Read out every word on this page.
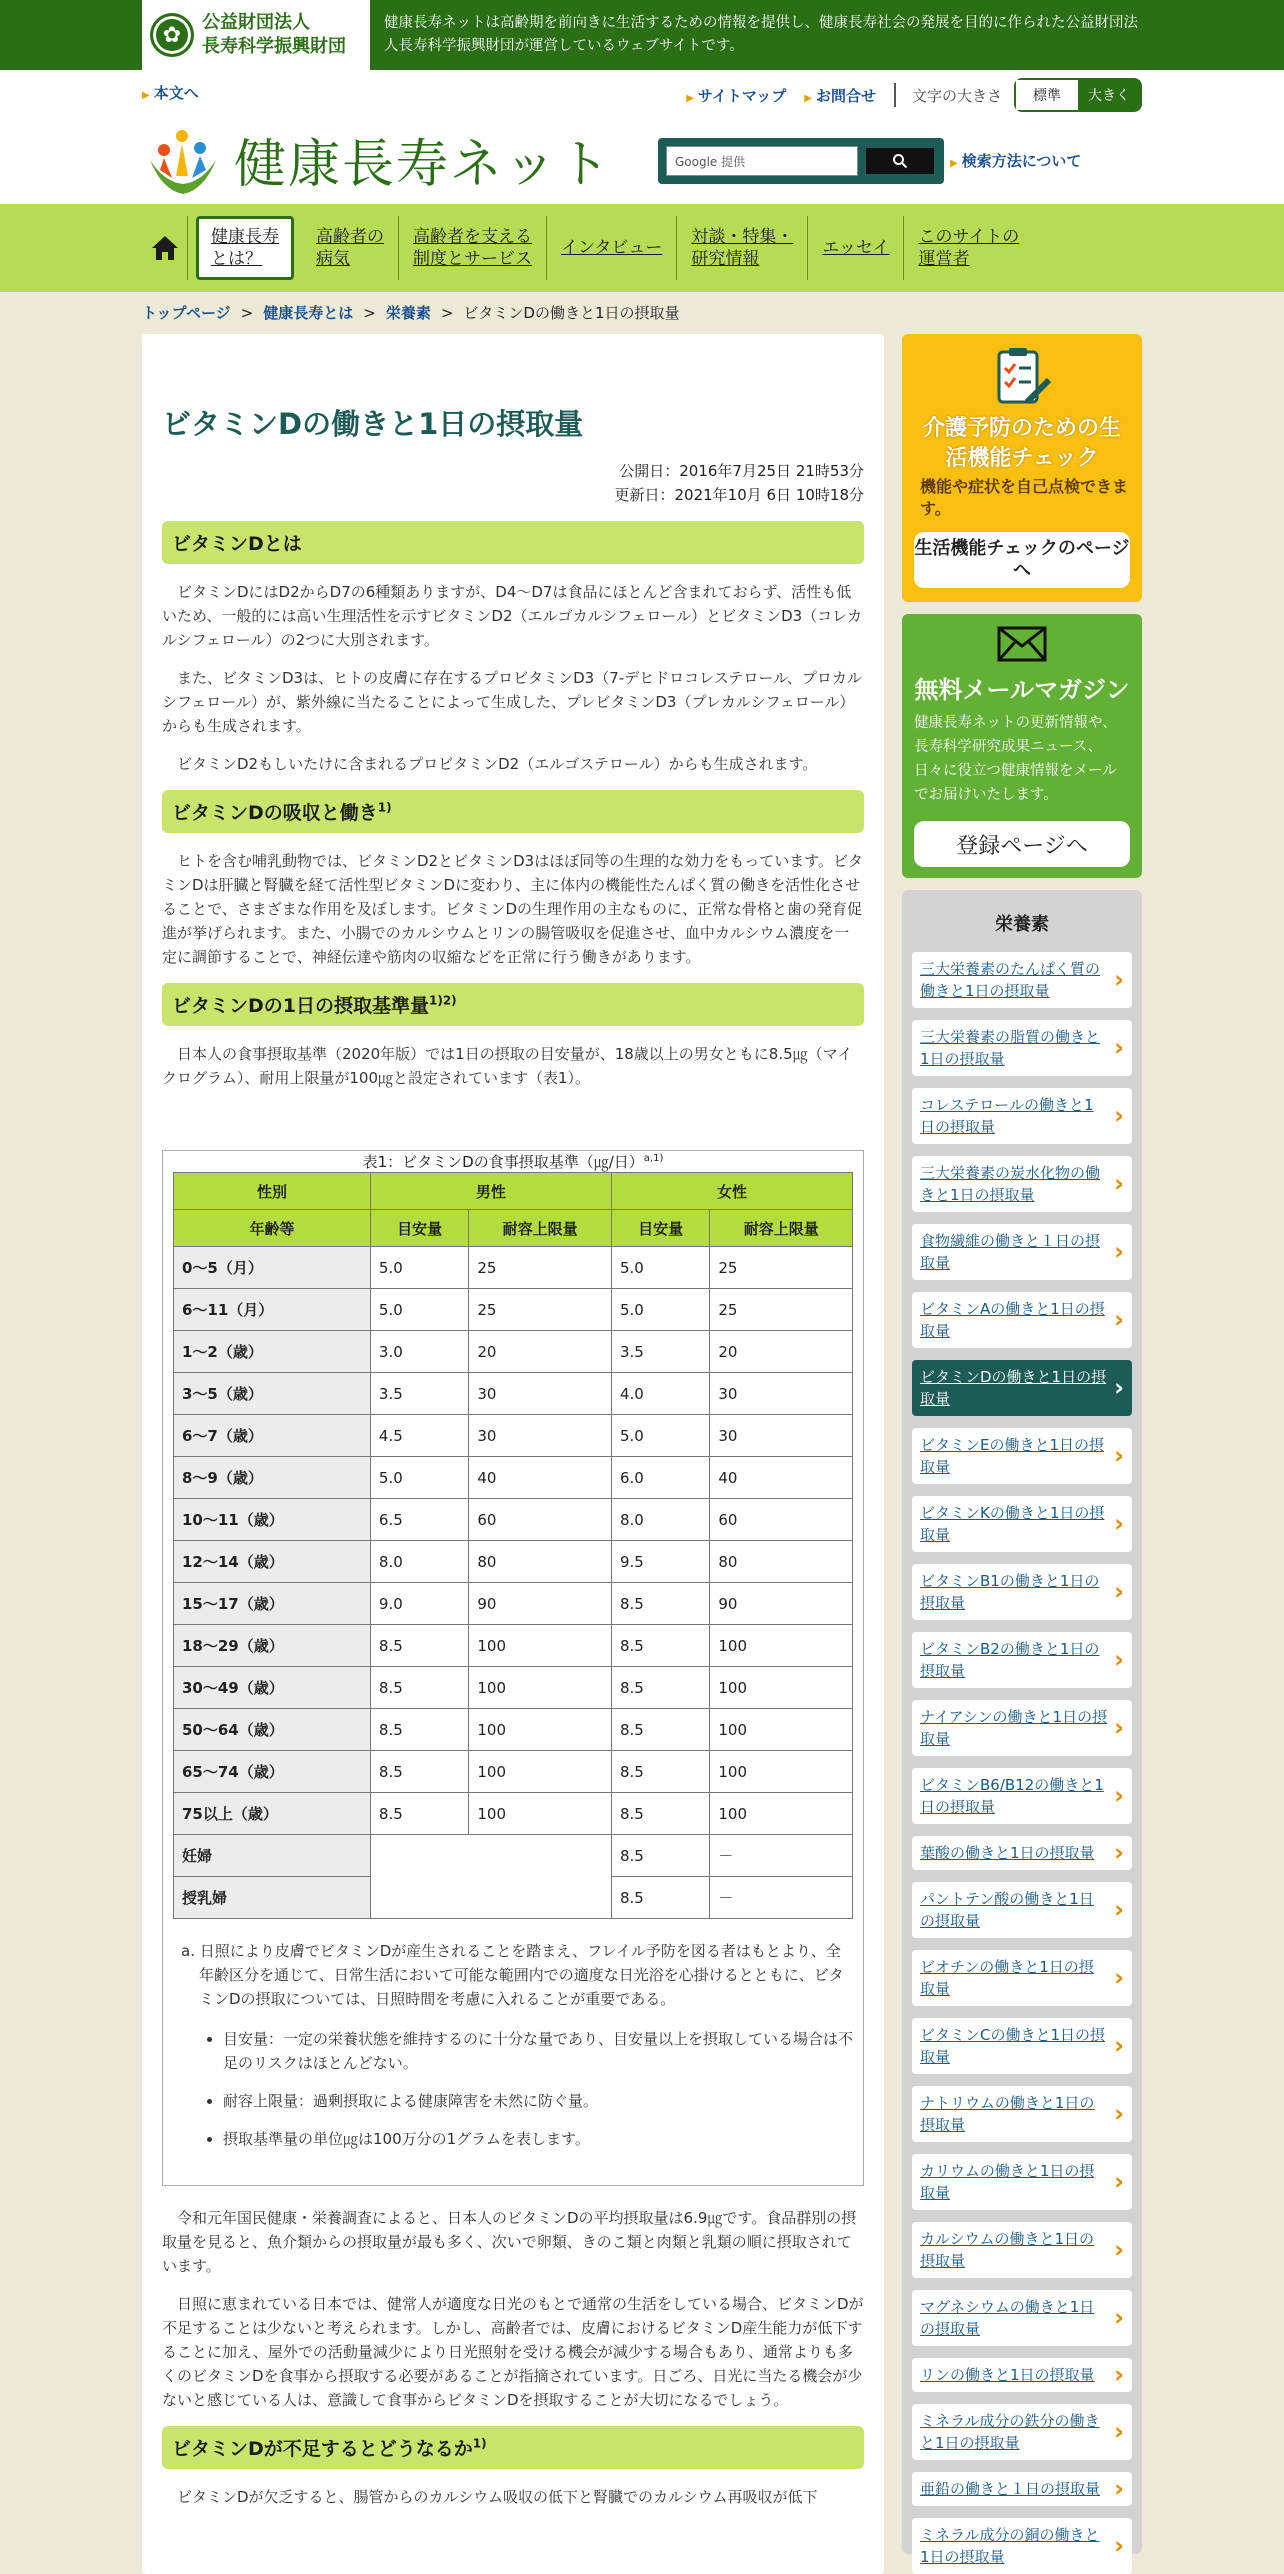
✿	公益財団法人
長寿科学振興財団
健康長寿ネットは高齢期を前向きに生活するための情報を提供し、健康長寿社会の発展を目的に作られた公益財団法人長寿科学振興財団が運営しているウェブサイトです。
▶ 本文へ	▶ サイトマップ	▶ お問合せ 文字の大きさ	標準	大きく
健康長寿ネット	Google 提供	▶ 検索方法について
健康長寿
とは？
高齢者の
病気
高齢者を支える
制度とサービス
インタビュー
対談・特集・
研究情報
エッセイ
このサイトの
運営者
トップページ > 健康長寿とは > 栄養素 > ビタミンDの働きと1日の摂取量
ビタミンDの働きと1日の摂取量
公開日：2016年7月25日 21時53分
更新日：2021年10月 6日 10時18分
ビタミンDとは

ビタミンDにはD2からD7の6種類ありますが、D4～D7は食品にほとんど含まれておらず、活性も低いため、一般的には高い生理活性を示すビタミンD2（エルゴカルシフェロール）とビタミンD3（コレカルシフェロール）の2つに大別されます。

また、ビタミンD3は、ヒトの皮膚に存在するプロビタミンD3（7-デヒドロコレステロール、プロカルシフェロール）が、紫外線に当たることによって生成した、プレビタミンD3（プレカルシフェロール）からも生成されます。

ビタミンD2もしいたけに含まれるプロビタミンD2（エルゴステロール）からも生成されます。

ビタミンDの吸収と働き$^{1)}$

ヒトを含む哺乳動物では、ビタミンD2とビタミンD3はほぼ同等の生理的な効力をもっています。ビタミンDは肝臓と腎臓を経て活性型ビタミンDに変わり、主に体内の機能性たんぱく質の働きを活性化させることで、さまざまな作用を及ぼします。ビタミンDの生理作用の主なものに、正常な骨格と歯の発育促進が挙げられます。また、小腸でのカルシウムとリンの腸管吸収を促進させ、血中カルシウム濃度を一定に調節することで、神経伝達や筋肉の収縮などを正常に行う働きがあります。

ビタミンDの1日の摂取基準量$^{1)2)}$

日本人の食事摂取基準（2020年版）では1日の摂取の目安量が、18歳以上の男女ともに8.5㎍（マイクログラム）、耐用上限量が100㎍と設定されています（表1）。

表1：ビタミンDの食事摂取基準（㎍/日）$^{a,1)}$
性別	男性		女性	
年齢等	目安量	耐容上限量	目安量	耐容上限量
0～5（月）	5.0	25	5.0	25
6～11（月）	5.0	25	5.0	25
1～2（歳）	3.0	20	3.5	20
3～5（歳）	3.5	30	4.0	30
6～7（歳）	4.5	30	5.0	30
8～9（歳）	5.0	40	6.0	40
10～11（歳）	6.5	60	8.0	60
12～14（歳）	8.0	80	9.5	80
15～17（歳）	9.0	90	8.5	90
18～29（歳）	8.5	100	8.5	100
30～49（歳）	8.5	100	8.5	100
50～64（歳）	8.5	100	8.5	100
65～74（歳）	8.5	100	8.5	100
75以上（歳）	8.5	100	8.5	100
妊婦			8.5	－
授乳婦			8.5	－
a. 日照により皮膚でビタミンDが産生されることを踏まえ、フレイル予防を図る者はもとより、全年齢区分を通じて、日常生活において可能な範囲内での適度な日光浴を心掛けるとともに、ビタミンDの摂取については、日照時間を考慮に入れることが重要である。
• 目安量：一定の栄養状態を維持するのに十分な量であり、目安量以上を摂取している場合は不足のリスクはほとんどない。
• 耐容上限量：過剰摂取による健康障害を未然に防ぐ量。
• 摂取基準量の単位㎍は100万分の1グラムを表します。

令和元年国民健康・栄養調査によると、日本人のビタミンDの平均摂取量は6.9㎍です。食品群別の摂取量を見ると、魚介類からの摂取量が最も多く、次いで卵類、きのこ類と肉類と乳類の順に摂取されています。

日照に恵まれている日本では、健常人が適度な日光のもとで通常の生活をしている場合、ビタミンDが不足することは少ないと考えられます。しかし、高齢者では、皮膚におけるビタミンD産生能力が低下することに加え、屋外での活動量減少により日光照射を受ける機会が減少する場合もあり、通常よりも多くのビタミンDを食事から摂取する必要があることが指摘されています。日ごろ、日光に当たる機会が少ないと感じている人は、意識して食事からビタミンDを摂取することが大切になるでしょう。

ビタミンDが不足するとどうなるか$^{1)}$

ビタミンDが欠乏すると、腸管からのカルシウム吸収の低下と腎臓でのカルシウム再吸収が低下

介護予防のための生活機能チェック
機能や症状を自己点検できます。
生活機能チェックのページへ
無料メールマガジン
健康長寿ネットの更新情報や、長寿科学研究成果ニュース、日々に役立つ健康情報をメールでお届けいたします。
登録ページへ
栄養素
三大栄養素のたんぱく質の働きと1日の摂取量 ›
三大栄養素の脂質の働きと1日の摂取量 ›
コレステロールの働きと1日の摂取量 ›
三大栄養素の炭水化物の働きと1日の摂取量 ›
食物繊維の働きと１日の摂取量 ›
ビタミンAの働きと1日の摂取量 ›
ビタミンDの働きと1日の摂取量 ›
ビタミンEの働きと1日の摂取量 ›
ビタミンKの働きと1日の摂取量 ›
ビタミンB1の働きと1日の摂取量 ›
ビタミンB2の働きと1日の摂取量 ›
ナイアシンの働きと1日の摂取量 ›
ビタミンB6/B12の働きと1日の摂取量 ›
葉酸の働きと1日の摂取量 ›
パントテン酸の働きと1日の摂取量 ›
ビオチンの働きと1日の摂取量 ›
ビタミンCの働きと1日の摂取量 ›
ナトリウムの働きと1日の摂取量 ›
カリウムの働きと1日の摂取量 ›
カルシウムの働きと1日の摂取量 ›
マグネシウムの働きと1日の摂取量 ›
リンの働きと1日の摂取量 ›
ミネラル成分の鉄分の働きと1日の摂取量 ›
亜鉛の働きと１日の摂取量 ›
ミネラル成分の銅の働きと1日の摂取量 ›
